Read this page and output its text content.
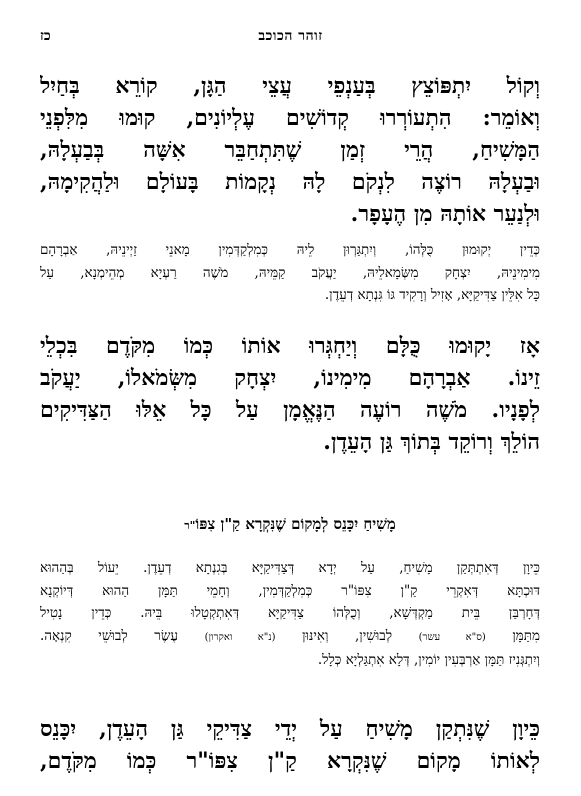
זוהר הכוכב
כז
וְקוֹל יִתְפּוֹצֵץ בְּעַנְפֵי עֲצֵי הַגָּן, קוֹרֵא בְּחַיִל
וְאוֹמֵר: הִתְעוֹרְרוּ קְדוֹשִׁים עֶלְיוֹנִים, קוּמוּ מִלִּפְנֵי
הַמָּשִׁיחַ, הֲרֵי זְמַן שֶׁתִּתְחַבֵּר אִשָּׁה בְּבַעְלָהּ,
וּבַעְלָהּ רוֹצֶה לִנְקֹם לָהּ נְקָמוֹת בָּעוֹלָם וּלַהֲקִימָהּ,
וּלְנַעֵר אוֹתָהּ מִן הֶעָפָר.
כְּדֵין יְקוּמוּן כֻּלְּהוֹ, וְיִתְגַּרְוּן לֵיהּ כְּמִלְקַדְּמִין מָאנֵי זַיְינֵיהּ, אַבְרָהָם
מִימִינֵיהּ, יִצְחָק מִשְּׂמָאלֵיהּ, יַעֲקֹב קַמֵּיהּ, מֹשֶׁה רַעְיָא מְהֵימְנָא, עַל
כָּל אִלֵּין צַדִּיקַיָּא, אָזִיל וְרָקִיד גּוֹ גִּנְתָא דְעֵדֶן.
אָז יָקוּמוּ כֻּלָּם וְיַחְגְּרוּ אוֹתוֹ כְּמוֹ מִקֹּדֶם בִּכְלֵי
זֵינוֹ. אַבְרָהָם מִימִינוֹ, יִצְחָק מִשְּׂמֹאלוֹ, יַעֲקֹב
לְפָנָיו. מֹשֶׁה רוֹעֶה הַנֶּאֱמָן עַל כָּל אֵלּוּ הַצַּדִּיקִים
הוֹלֵךְ וְרוֹקֵד בְּתוֹךְ גַּן הָעֵדֶן.
מָשִׁיחַ יִכָּנֵס לְמָקוֹם שֶׁנִּקְרָא קַ"ן צִפּוֹ"ר
כֵּיוָן דְּאִתְתְּקַן מָשִׁיחַ, עַל יְדָא דְּצַדִּיקַיָּא בְּגִנְתָא דְעֵדֶן. יֵעוֹל בְּהַהוּא
דּוּכְתָּא דְּאִקְרֵי קַ"ן צִפּוֹ"ר כְּמִלְקַדְּמִין, וְחָמֵי תַּמָּן הַהוּא דְּיוֹקְנָא
דְּחָרְבַּן בֵּית מַקְדְּשָׁא, וְכֻלְּהוֹ צַדִּיקַיָּא דְּאִתְקְטָלוּ בֵּיהּ. כְּדֵין נָטִיל
מִתַּמָּן (ס"א עשר) לְבוּשִׁין, וְאִינּוּן (נ"א ואקרון) עֶשֶׂר לְבוּשֵׁי קִנְאָה.
וְיִתְגְּנִיז תַּמָּן אַרְבְּעִין יוֹמִין, דְּלָא אִתְגַּלְיָא כְּלָל.
כֵּיוָן שֶׁנִּתְקַן מָשִׁיחַ עַל יְדֵי צַדִּיקֵי גַּן הָעֵדֶן, יִכָּנֵס
לְאוֹתוֹ מָקוֹם שֶׁנִּקְרָא קַ"ן צִפּוֹ"ר כְּמוֹ מִקֹּדֶם,
